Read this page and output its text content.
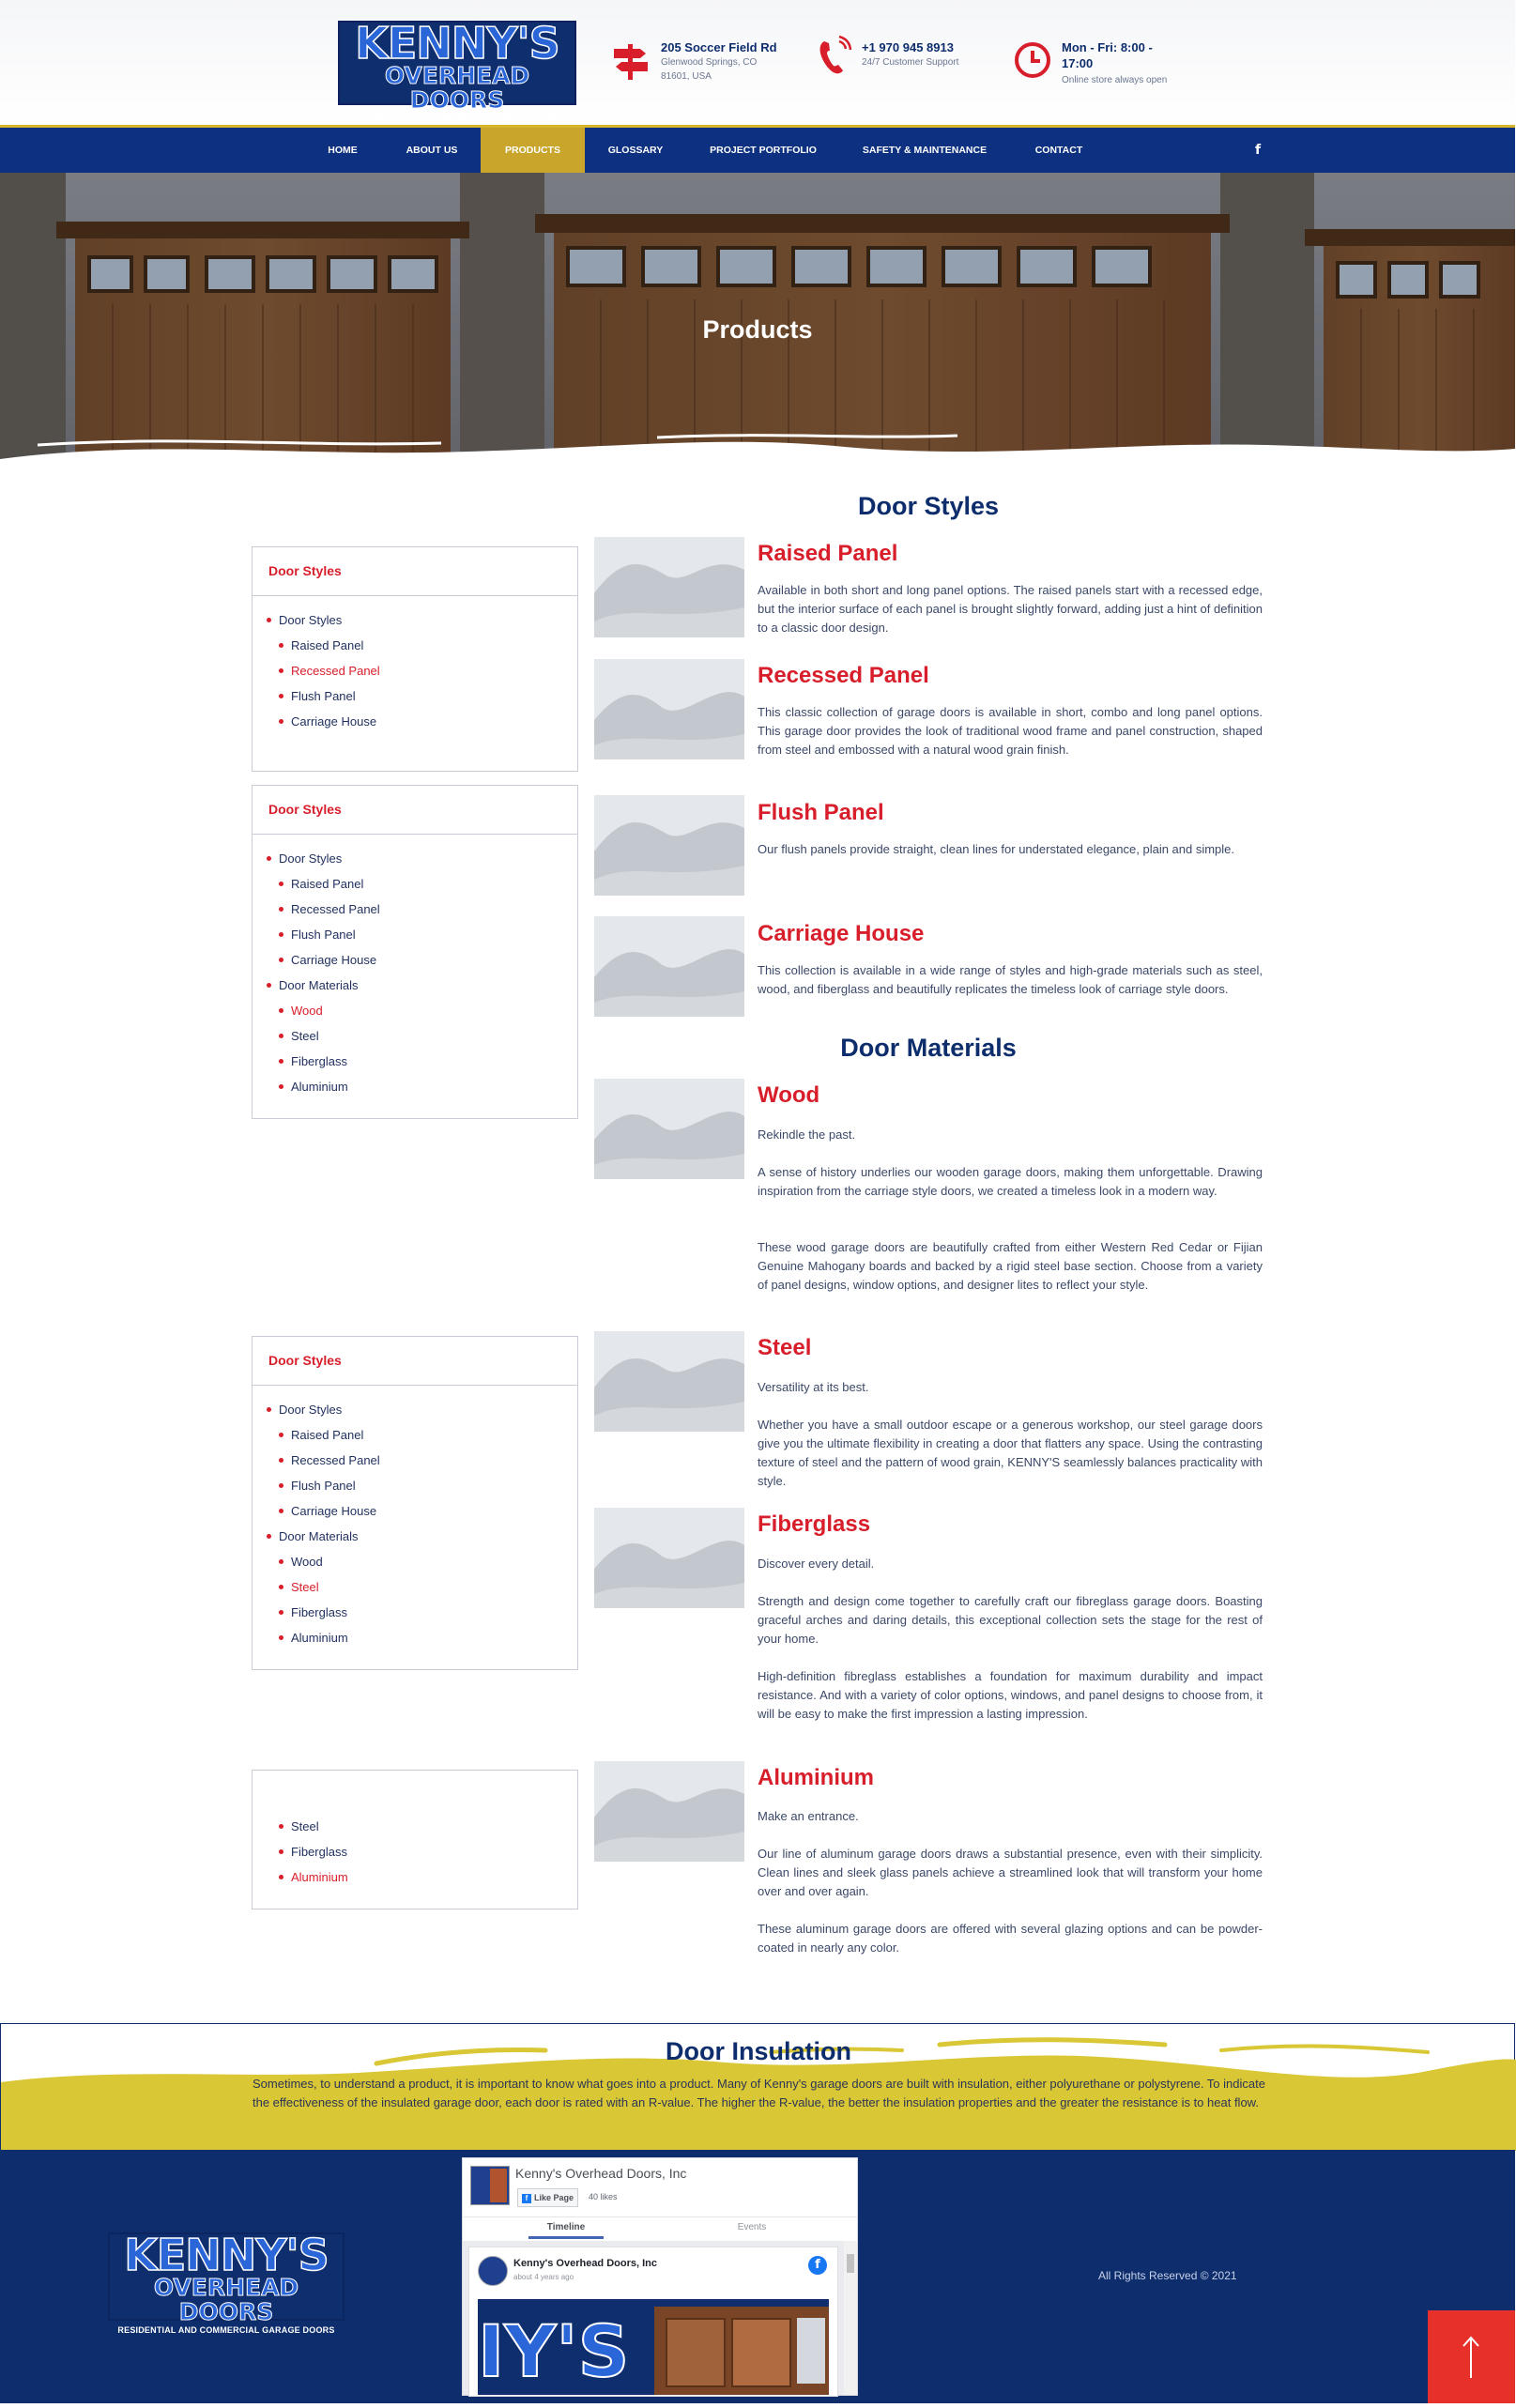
KENNY'S
OVERHEAD DOORS
RESIDENTIAL AND COMMERCIAL GARAGE DOORS
205 Soccer Field Rd
Glenwood Springs, CO
81601, USA
+1 970 945 8913
24/7 Customer Support
Mon - Fri: 8:00 -
17:00
Online store always open
HOME	ABOUT US	PRODUCTS	GLOSSARY	PROJECT PORTFOLIO	SAFETY & MAINTENANCE	CONTACT	f
Products
Door Styles
Door Styles
Raised Panel
Recessed Panel
Flush Panel
Carriage House
Door Styles
Door Styles
Raised Panel
Recessed Panel
Flush Panel
Carriage House
Door Materials
Wood
Steel
Fiberglass
Aluminium
Door Styles
Door Styles
Raised Panel
Recessed Panel
Flush Panel
Carriage House
Door Materials
Wood
Steel
Fiberglass
Aluminium
Steel
Fiberglass
Aluminium
Door Styles
Raised Panel
Available in both short and long panel options. The raised panels start with a recessed edge, but the interior surface of each panel is brought slightly forward, adding just a hint of definition to a classic door design.
Recessed Panel
This classic collection of garage doors is available in short, combo and long panel options. This garage door provides the look of traditional wood frame and panel construction, shaped from steel and embossed with a natural wood grain finish.
Flush Panel
Our flush panels provide straight, clean lines for understated elegance, plain and simple.
Carriage House
This collection is available in a wide range of styles and high-grade materials such as steel, wood, and fiberglass and beautifully replicates the timeless look of carriage style doors.
Door Materials
Wood
Rekindle the past.
A sense of history underlies our wooden garage doors, making them unforgettable. Drawing inspiration from the carriage style doors, we created a timeless look in a modern way.
These wood garage doors are beautifully crafted from either Western Red Cedar or Fijian Genuine Mahogany boards and backed by a rigid steel base section. Choose from a variety of panel designs, window options, and designer lites to reflect your style.
Steel
Versatility at its best.
Whether you have a small outdoor escape or a generous workshop, our steel garage doors give you the ultimate flexibility in creating a door that flatters any space. Using the contrasting texture of steel and the pattern of wood grain, KENNY'S seamlessly balances practicality with style.
Fiberglass
Discover every detail.
Strength and design come together to carefully craft our fibreglass garage doors. Boasting graceful arches and daring details, this exceptional collection sets the stage for the rest of your home.
High-definition fibreglass establishes a foundation for maximum durability and impact resistance. And with a variety of color options, windows, and panel designs to choose from, it will be easy to make the first impression a lasting impression.
Aluminium
Make an entrance.
Our line of aluminum garage doors draws a substantial presence, even with their simplicity. Clean lines and sleek glass panels achieve a streamlined look that will transform your home over and over again.
These aluminum garage doors are offered with several glazing options and can be powder-coated in nearly any color.
Door Insulation
Sometimes, to understand a product, it is important to know what goes into a product. Many of Kenny's garage doors are built with insulation, either polyurethane or polystyrene. To indicate the effectiveness of the insulated garage door, each door is rated with an R-value. The higher the R-value, the better the insulation properties and the greater the resistance is to heat flow.
KENNY'S
OVERHEAD DOORS
RESIDENTIAL AND COMMERCIAL GARAGE DOORS
Kenny's Overhead Doors, Inc
f Like Page	40 likes
Timeline	Events
Kenny's Overhead Doors, Inc
about 4 years ago
f
IY'S
All Rights Reserved © 2021
